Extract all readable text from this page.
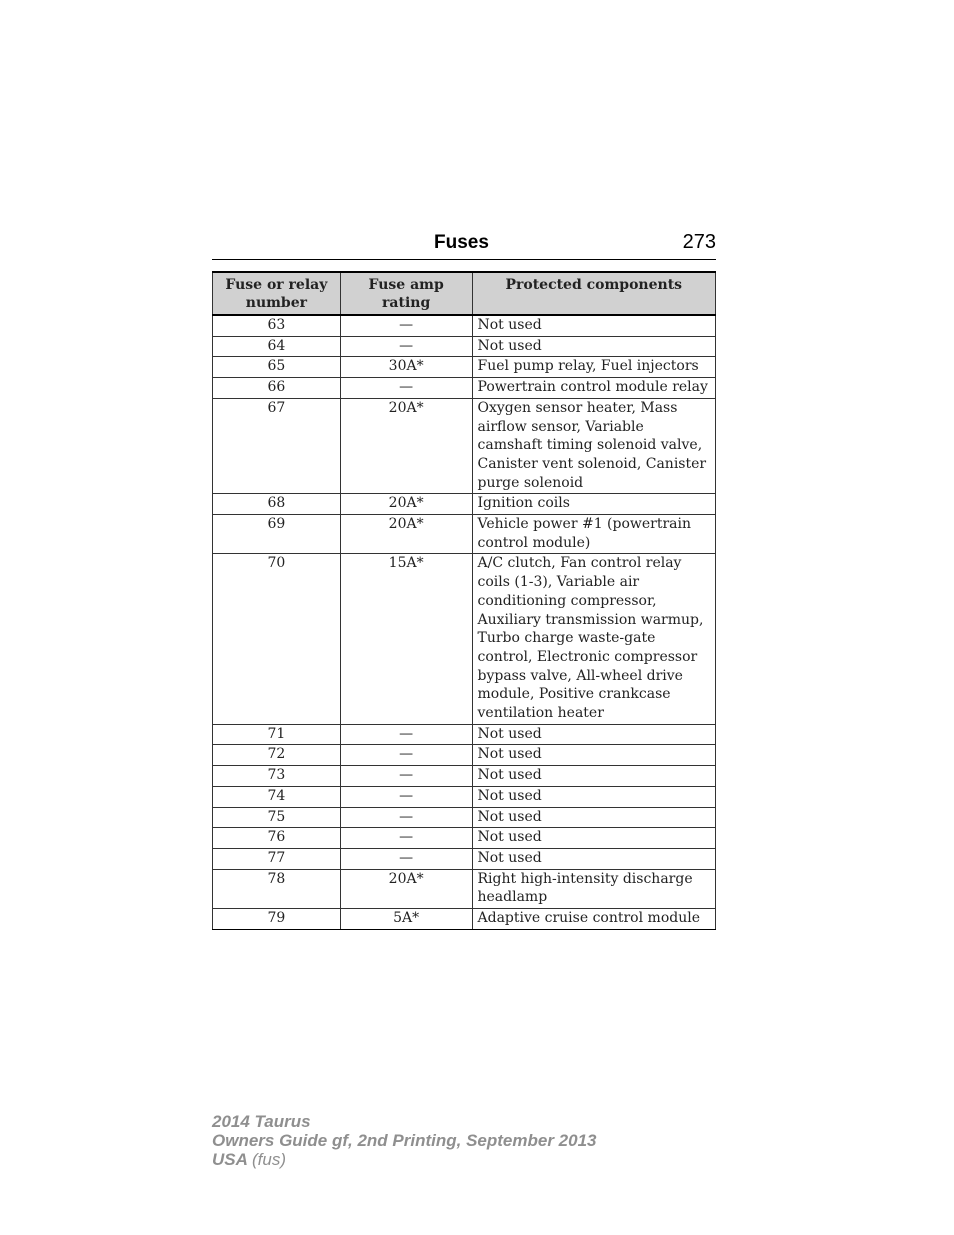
Fuses	273
Fuse or relay number	Fuse amp rating	Protected components
63	—	Not used
64	—	Not used
65	30A*	Fuel pump relay, Fuel injectors
66	—	Powertrain control module relay
67	20A*	Oxygen sensor heater, Mass airflow sensor, Variable camshaft timing solenoid valve, Canister vent solenoid, Canister purge solenoid
68	20A*	Ignition coils
69	20A*	Vehicle power #1 (powertrain control module)
70	15A*	A/C clutch, Fan control relay coils (1-3), Variable air conditioning compressor, Auxiliary transmission warmup, Turbo charge waste-gate control, Electronic compressor bypass valve, All-wheel drive module, Positive crankcase ventilation heater
71	—	Not used
72	—	Not used
73	—	Not used
74	—	Not used
75	—	Not used
76	—	Not used
77	—	Not used
78	20A*	Right high-intensity discharge headlamp
79	5A*	Adaptive cruise control module
2014 Taurus
Owners Guide gf, 2nd Printing, September 2013
USA (fus)
